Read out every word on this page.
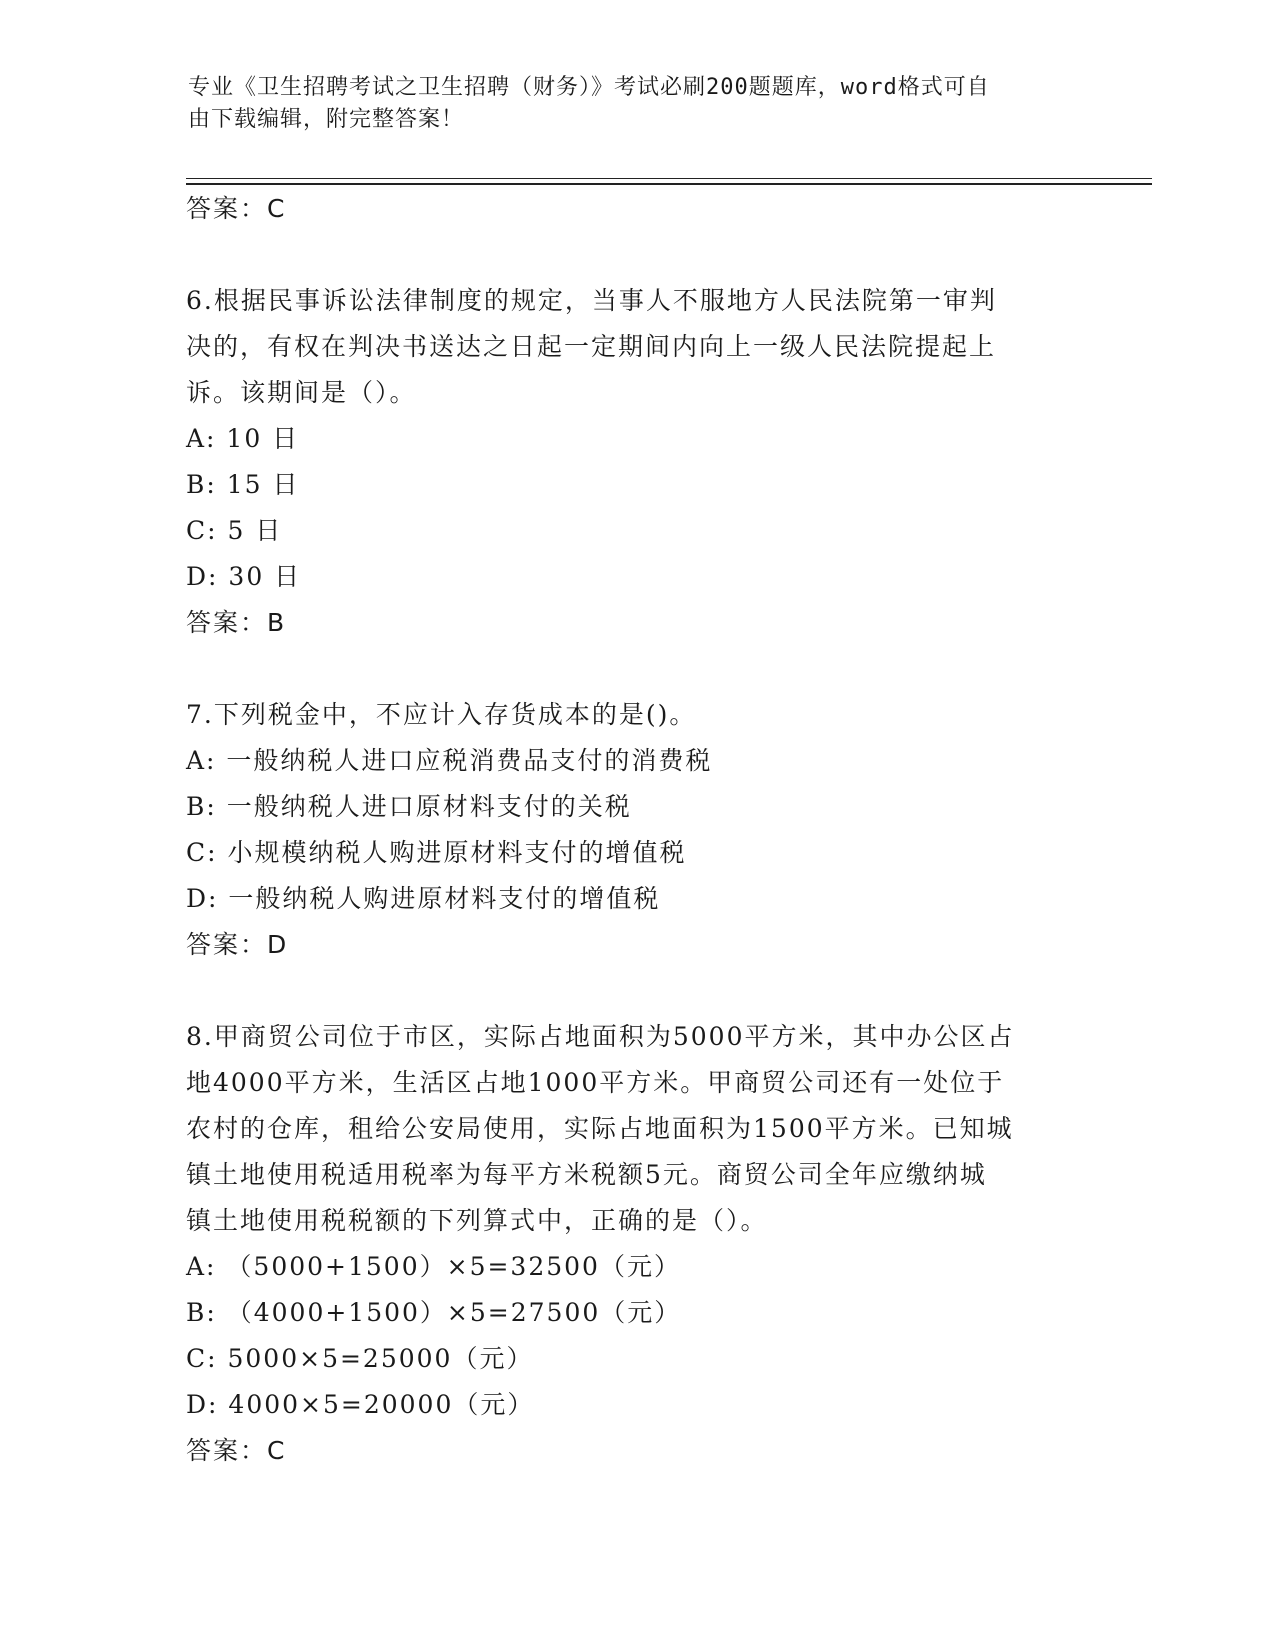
专业《卫生招聘考试之卫生招聘（财务）》考试必刷200题题库，word格式可自
由下载编辑，附完整答案！
答案：C
6.根据民事诉讼法律制度的规定，当事人不服地方人民法院第一审判
决的，有权在判决书送达之日起一定期间内向上一级人民法院提起上
诉。该期间是（）。
A: 10 日
B: 15 日
C: 5 日
D: 30 日
答案：B
7.下列税金中，不应计入存货成本的是()。
A: 一般纳税人进口应税消费品支付的消费税
B: 一般纳税人进口原材料支付的关税
C: 小规模纳税人购进原材料支付的增值税
D: 一般纳税人购进原材料支付的增值税
答案：D
8.甲商贸公司位于市区，实际占地面积为5000平方米，其中办公区占
地4000平方米，生活区占地1000平方米。甲商贸公司还有一处位于
农村的仓库，租给公安局使用，实际占地面积为1500平方米。已知城
镇土地使用税适用税率为每平方米税额5元。商贸公司全年应缴纳城
镇土地使用税税额的下列算式中，正确的是（）。
A: （5000+1500）×5=32500（元）
B: （4000+1500）×5=27500（元）
C: 5000×5=25000（元）
D: 4000×5=20000（元）
答案：C
